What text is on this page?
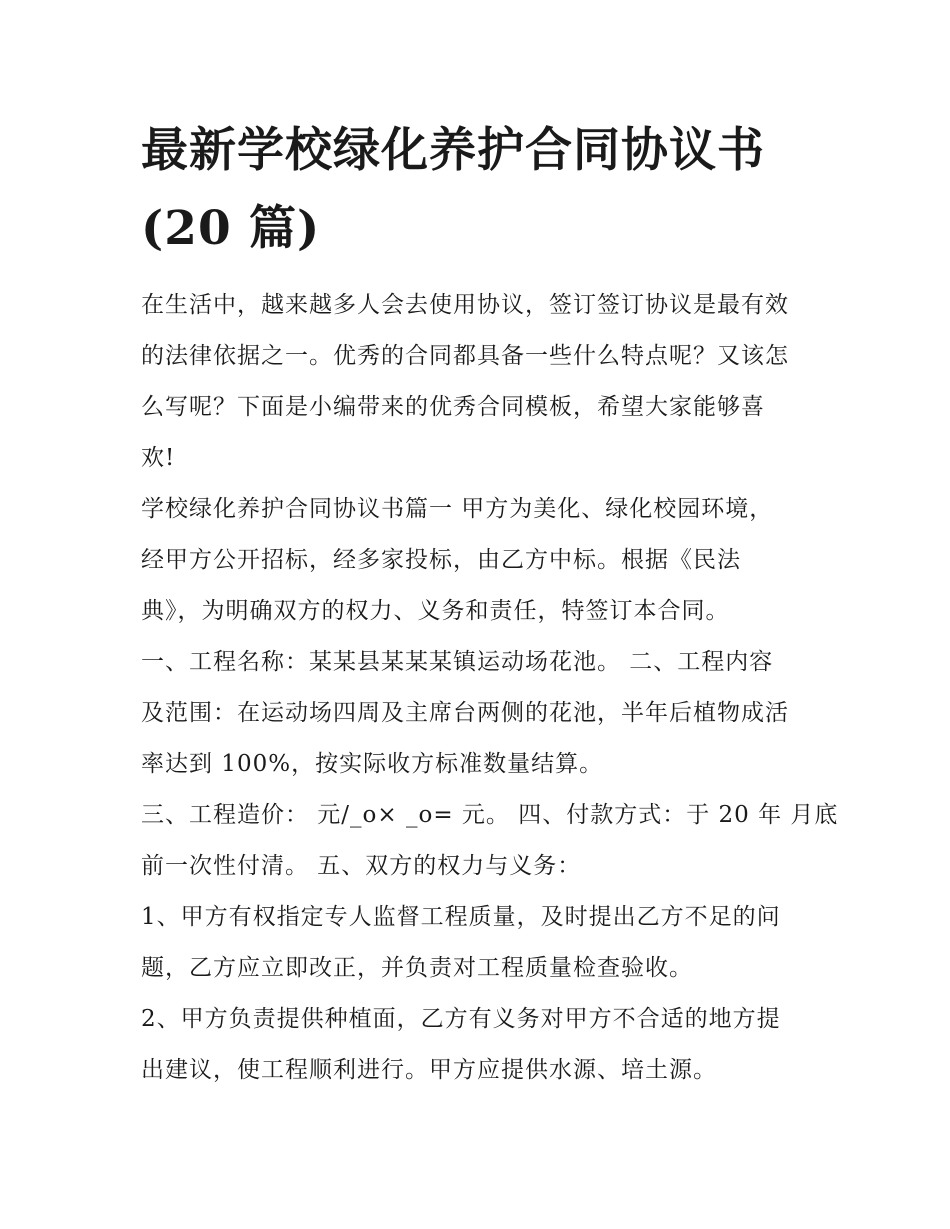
最新学校绿化养护合同协议书
(20 篇)

在生活中，越来越多人会去使用协议，签订签订协议是最有效
的法律依据之一。优秀的合同都具备一些什么特点呢？又该怎
么写呢？下面是小编带来的优秀合同模板，希望大家能够喜
欢!

学校绿化养护合同协议书篇一 甲方为美化、绿化校园环境，
经甲方公开招标，经多家投标，由乙方中标。根据《民法
典》，为明确双方的权力、义务和责任，特签订本合同。

一、工程名称：某某县某某某镇运动场花池。 二、工程内容
及范围：在运动场四周及主席台两侧的花池，半年后植物成活
率达到 100%，按实际收方标准数量结算。

三、工程造价： 元/_o× _o= 元。 四、付款方式：于 20 年 月底
前一次性付清。 五、双方的权力与义务：

1、甲方有权指定专人监督工程质量，及时提出乙方不足的问
题，乙方应立即改正，并负责对工程质量检查验收。

2、甲方负责提供种植面，乙方有义务对甲方不合适的地方提
出建议，使工程顺利进行。甲方应提供水源、培土源。
